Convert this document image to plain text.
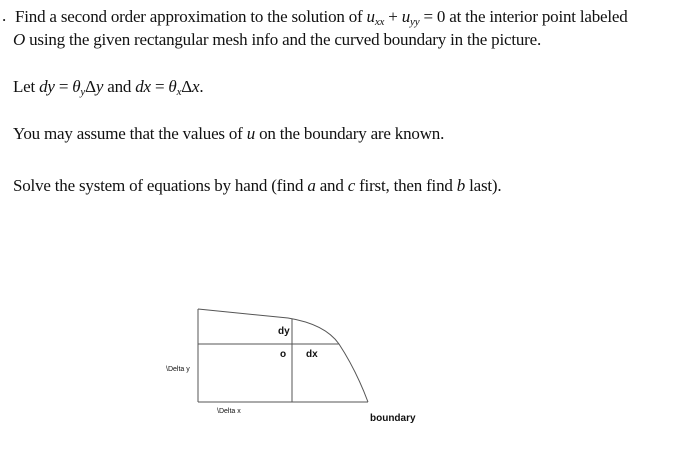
. Find a second order approximation to the solution of $u_{xx} + u_{yy} = 0$ at the interior point labeled
O using the given rectangular mesh info and the curved boundary in the picture.
Let dy = $\theta_y\Delta y$ and dx = $\theta_x\Delta x$.
You may assume that the values of u on the boundary are known.
Solve the system of equations by hand (find a and c first, then find b last).
dy
o dx
\Delta y
\Delta x
boundary
